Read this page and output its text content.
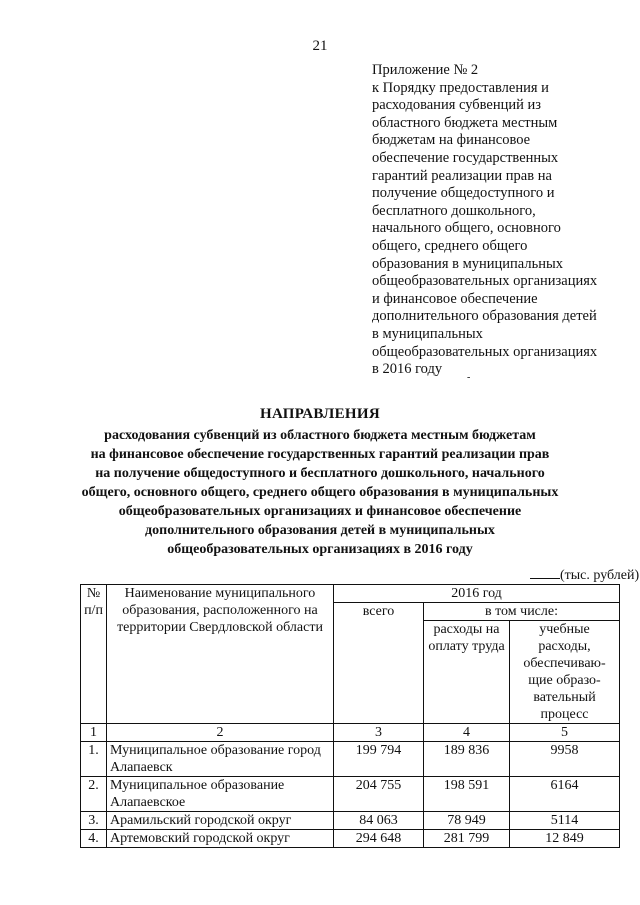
21
Приложение № 2
к Порядку предоставления и
расходования субвенций из
областного бюджета местным
бюджетам на финансовое
обеспечение государственных
гарантий реализации прав на
получение общедоступного и
бесплатного дошкольного,
начального общего, основного
общего, среднего общего
образования в муниципальных
общеобразовательных организациях
и финансовое обеспечение
дополнительного образования детей
в муниципальных
общеобразовательных организациях
в 2016 году
-
НАПРАВЛЕНИЯ
расходования субвенций из областного бюджета местным бюджетам
на финансовое обеспечение государственных гарантий реализации прав
на получение общедоступного и бесплатного дошкольного, начального
общего, основного общего, среднего общего образования в муниципальных
общеобразовательных организациях и финансовое обеспечение
дополнительного образования детей в муниципальных
общеобразовательных организациях в 2016 году
(тыс. рублей)
№ п/п	Наименование муниципального образования, расположенного на территории Свердловской области	2016 год		
		всего	в том числе:	
			расходы на оплату труда	учебные расходы, обеспечиваю- щие образо- вательный процесс
1	2	3	4	5
1.	Муниципальное образование город Алапаевск	199 794	189 836	9958
2.	Муниципальное образование Алапаевское	204 755	198 591	6164
3.	Арамильский городской округ	84 063	78 949	5114
4.	Артемовский городской округ	294 648	281 799	12 849
